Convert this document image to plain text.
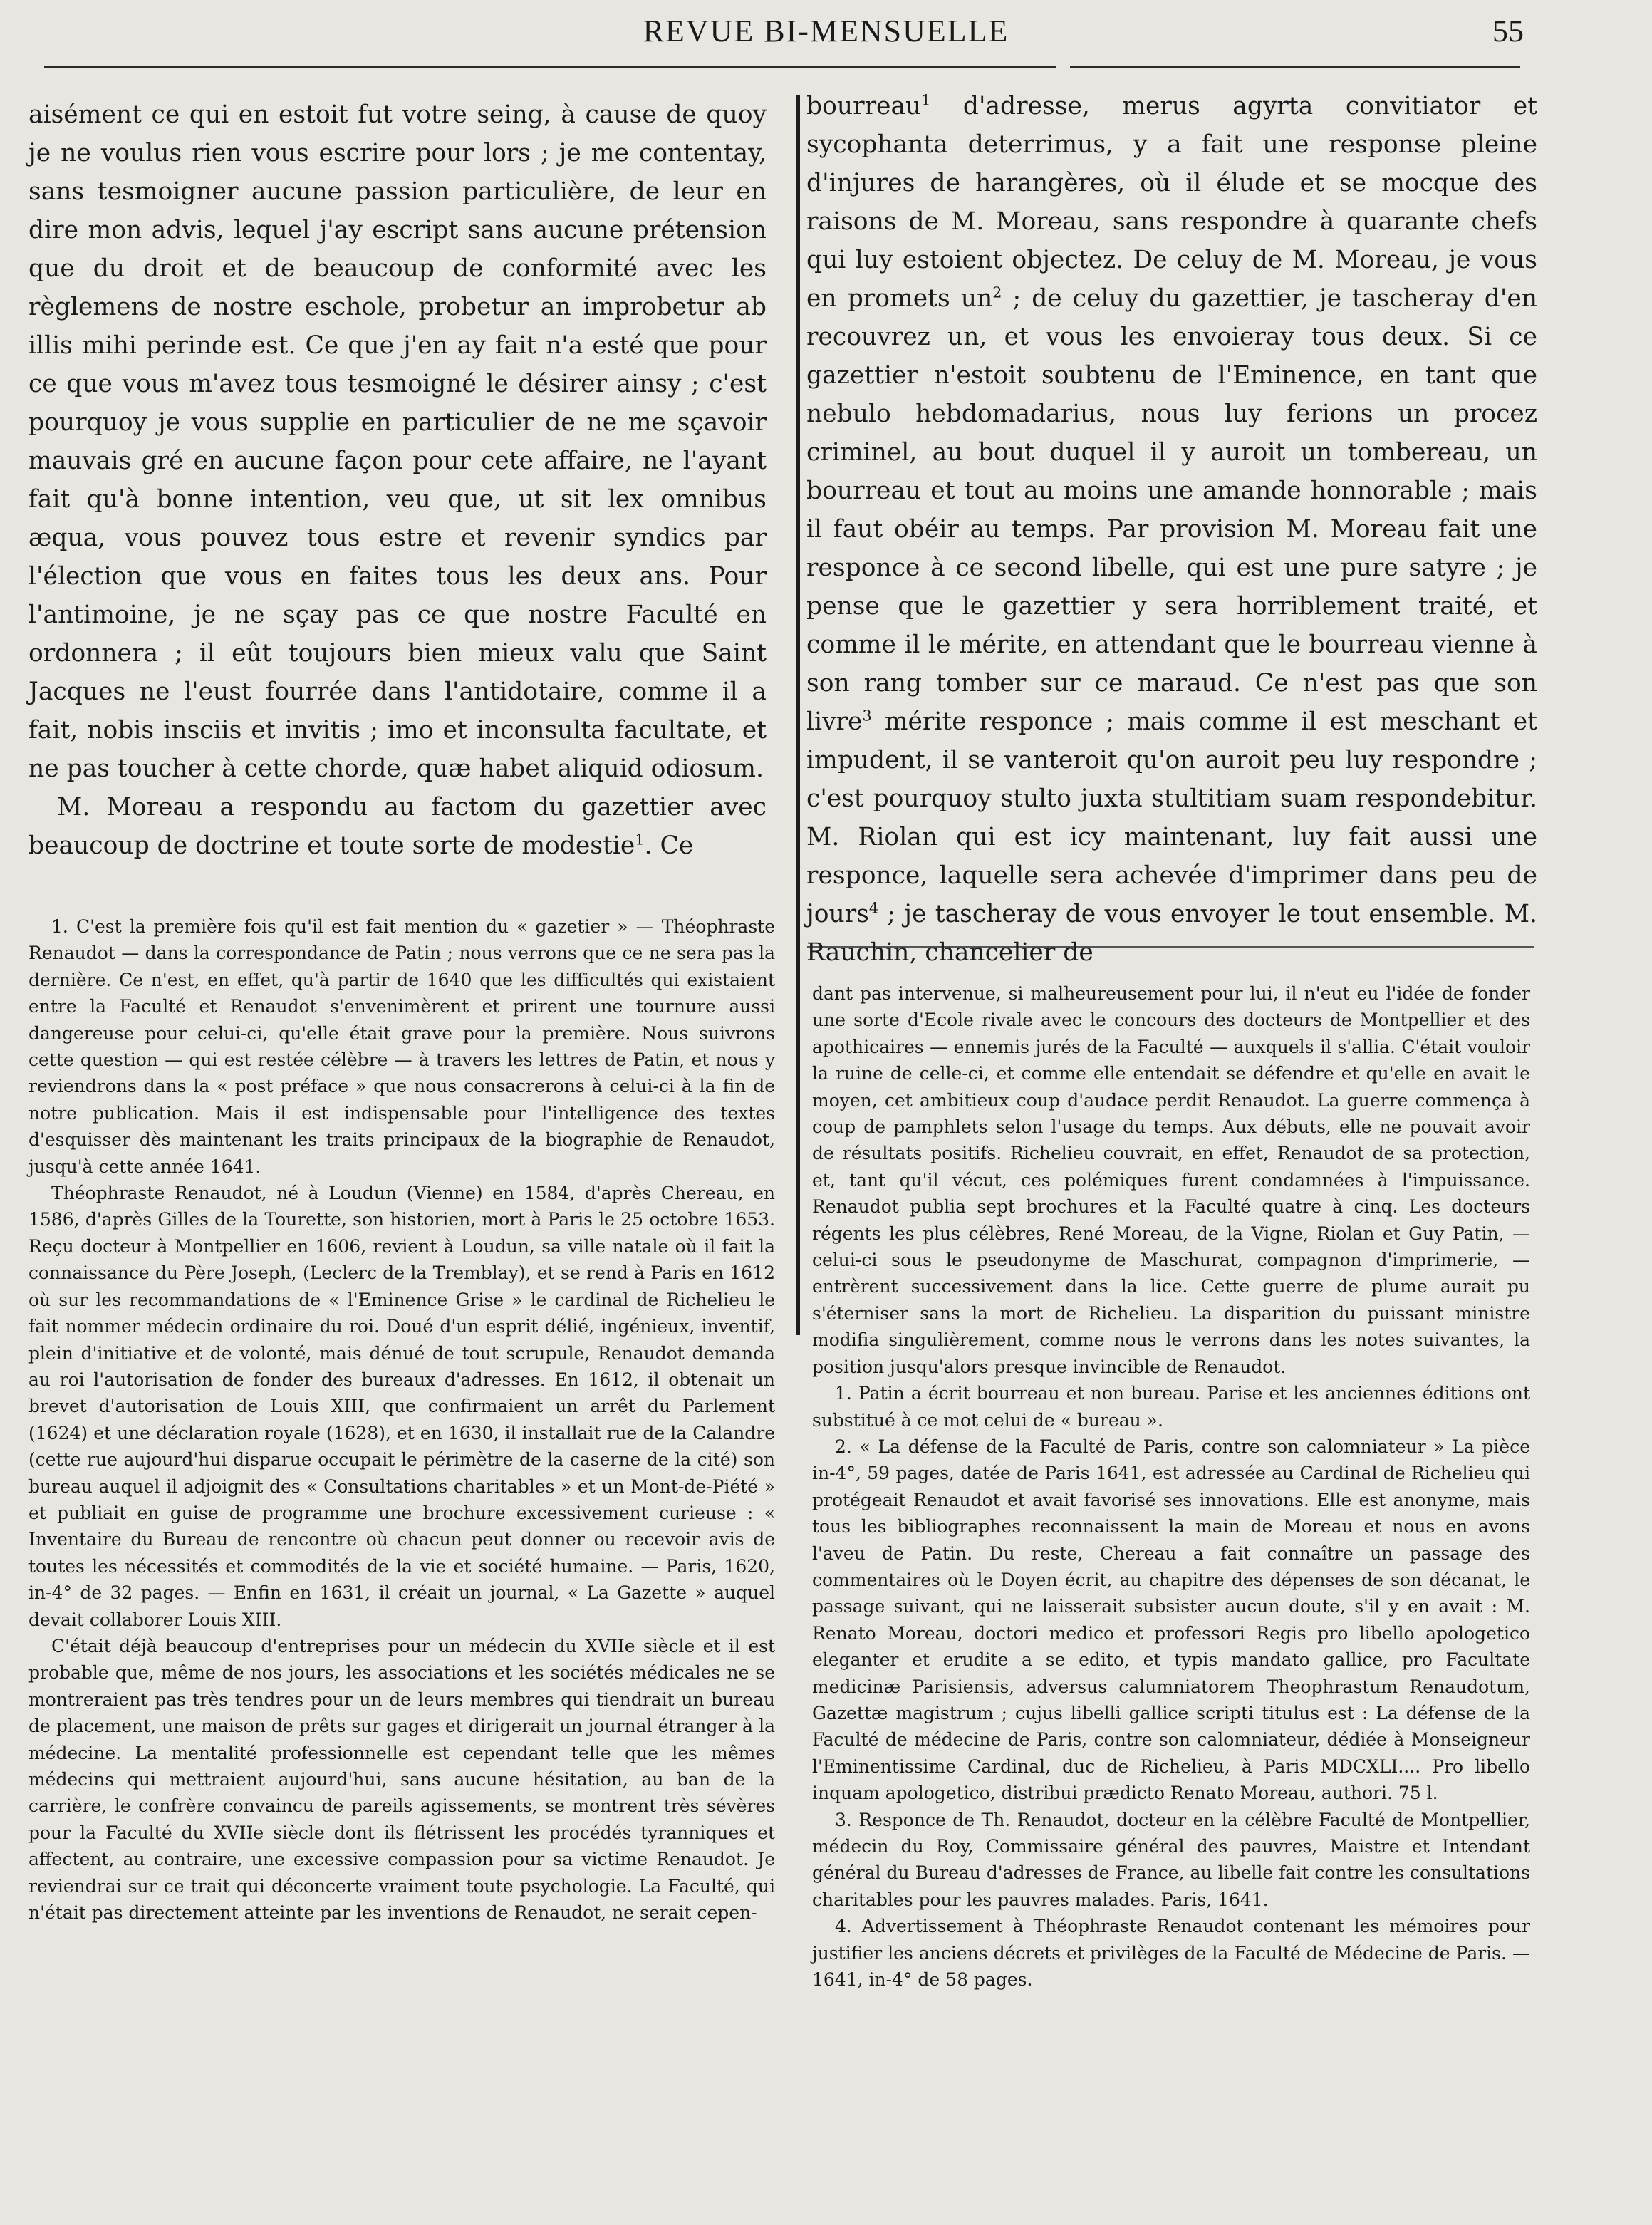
REVUE BI-MENSUELLE	55

aisément ce qui en estoit fut votre seing, à cause de quoy je ne voulus rien vous escrire pour lors ; je me contentay, sans tesmoigner aucune passion particulière, de leur en dire mon advis, lequel j'ay escript sans aucune prétension que du droit et de beaucoup de conformité avec les règlemens de nostre eschole, probetur an improbetur ab illis mihi perinde est. Ce que j'en ay fait n'a esté que pour ce que vous m'avez tous tesmoigné le désirer ainsy ; c'est pourquoy je vous supplie en particulier de ne me sçavoir mauvais gré en aucune façon pour cete affaire, ne l'ayant fait qu'à bonne intention, veu que, ut sit lex omnibus æqua, vous pouvez tous estre et revenir syndics par l'élection que vous en faites tous les deux ans. Pour l'antimoine, je ne sçay pas ce que nostre Faculté en ordonnera ; il eût toujours bien mieux valu que Saint Jacques ne l'eust fourrée dans l'antidotaire, comme il a fait, nobis insciis et invitis ; imo et inconsulta facultate, et ne pas toucher à cette chorde, quæ habet aliquid odiosum.

M. Moreau a respondu au factom du gazettier avec beaucoup de doctrine et toute sorte de modestie$^1$. Ce

bourreau$^1$ d'adresse, merus agyrta convitiator et sycophanta deterrimus, y a fait une response pleine d'injures de harangères, où il élude et se mocque des raisons de M. Moreau, sans respondre à quarante chefs qui luy estoient objectez. De celuy de M. Moreau, je vous en promets $un^2$ ; de celuy du gazettier, je tascheray d'en recouvrez un, et vous les envoieray tous deux. Si ce gazettier n'estoit soubtenu de l'Eminence, en tant que nebulo hebdomadarius, nous luy ferions un procez criminel, au bout duquel il y auroit un tombereau, un bourreau et tout au moins une amande honnorable ; mais il faut obéir au temps. Par provision M. Moreau fait une responce à ce second libelle, qui est une pure satyre ; je pense que le gazettier y sera horriblement traité, et comme il le mérite, en attendant que le bourreau vienne à son rang tomber sur ce maraud. Ce n'est pas que son livre$^3$ mérite responce ; mais comme il est meschant et impudent, il se vanteroit qu'on auroit peu luy respondre ; c'est pourquoy stulto juxta stultitiam suam respondebitur. M. Riolan qui est icy maintenant, luy fait aussi une responce, laquelle sera achevée d'imprimer dans peu de jours$^4$ ; je tascheray de vous envoyer le tout ensemble. M. Rauchin, chancelier de

1. C'est la première fois qu'il est fait mention du « gazetier » — Théophraste Renaudot — dans la correspondance de Patin ; nous verrons que ce ne sera pas la dernière. Ce n'est, en effet, qu'à partir de 1640 que les difficultés qui existaient entre la Faculté et Renaudot s'envenimèrent et prirent une tournure aussi dangereuse pour celui-ci, qu'elle était grave pour la première. Nous suivrons cette question — qui est restée célèbre — à travers les lettres de Patin, et nous y reviendrons dans la « post préface » que nous consacrerons à celui-ci à la fin de notre publication. Mais il est indispensable pour l'intelligence des textes d'esquisser dès maintenant les traits principaux de la biographie de Renaudot, jusqu'à cette année 1641.

Théophraste Renaudot, né à Loudun (Vienne) en 1584, d'après Chereau, en 1586, d'après Gilles de la Tourette, son historien, mort à Paris le 25 octobre 1653. Reçu docteur à Montpellier en 1606, revient à Loudun, sa ville natale où il fait la connaissance du Père Joseph, (Leclerc de la Tremblay), et se rend à Paris en 1612 où sur les recommandations de « l'Eminence Grise » le cardinal de Richelieu le fait nommer médecin ordinaire du roi. Doué d'un esprit délié, ingénieux, inventif, plein d'initiative et de volonté, mais dénué de tout scrupule, Renaudot demanda au roi l'autorisation de fonder des bureaux d'adresses. En 1612, il obtenait un brevet d'autorisation de Louis XIII, que confirmaient un arrêt du Parlement (1624) et une déclaration royale (1628), et en 1630, il installait rue de la Calandre (cette rue aujourd'hui disparue occupait le périmètre de la caserne de la cité) son bureau auquel il adjoignit des « Consultations charitables » et un Mont-de-Piété » et publiait en guise de programme une brochure excessivement curieuse : « Inventaire du Bureau de rencontre où chacun peut donner ou recevoir avis de toutes les nécessités et commodités de la vie et société humaine. — Paris, 1620, in-4° de 32 pages. — Enfin en 1631, il créait un journal, « La Gazette » auquel devait collaborer Louis XIII.

C'était déjà beaucoup d'entreprises pour un médecin du XVIIe siècle et il est probable que, même de nos jours, les associations et les sociétés médicales ne se montreraient pas très tendres pour un de leurs membres qui tiendrait un bureau de placement, une maison de prêts sur gages et dirigerait un journal étranger à la médecine. La mentalité professionnelle est cependant telle que les mêmes médecins qui mettraient aujourd'hui, sans aucune hésitation, au ban de la carrière, le confrère convaincu de pareils agissements, se montrent très sévères pour la Faculté du XVIIe siècle dont ils flétrissent les procédés tyranniques et affectent, au contraire, une excessive compassion pour sa victime Renaudot. Je reviendrai sur ce trait qui déconcerte vraiment toute psychologie. La Faculté, qui n'était pas directement atteinte par les inventions de Renaudot, ne serait cepen-

dant pas intervenue, si malheureusement pour lui, il n'eut eu l'idée de fonder une sorte d'Ecole rivale avec le concours des docteurs de Montpellier et des apothicaires — ennemis jurés de la Faculté — auxquels il s'allia. C'était vouloir la ruine de celle-ci, et comme elle entendait se défendre et qu'elle en avait le moyen, cet ambitieux coup d'audace perdit Renaudot. La guerre commença à coup de pamphlets selon l'usage du temps. Aux débuts, elle ne pouvait avoir de résultats positifs. Richelieu couvrait, en effet, Renaudot de sa protection, et, tant qu'il vécut, ces polémiques furent condamnées à l'impuissance. Renaudot publia sept brochures et la Faculté quatre à cinq. Les docteurs régents les plus célèbres, René Moreau, de la Vigne, Riolan et Guy Patin, — celui-ci sous le pseudonyme de Maschurat, compagnon d'imprimerie, — entrèrent successivement dans la lice. Cette guerre de plume aurait pu s'éterniser sans la mort de Richelieu. La disparition du puissant ministre modifia singulièrement, comme nous le verrons dans les notes suivantes, la position jusqu'alors presque invincible de Renaudot.

1. Patin a écrit bourreau et non bureau. Parise et les anciennes éditions ont substitué à ce mot celui de « bureau ».

2. « La défense de la Faculté de Paris, contre son calomniateur » La pièce in-4°, 59 pages, datée de Paris 1641, est adressée au Cardinal de Richelieu qui protégeait Renaudot et avait favorisé ses innovations. Elle est anonyme, mais tous les bibliographes reconnaissent la main de Moreau et nous en avons l'aveu de Patin. Du reste, Chereau a fait connaître un passage des commentaires où le Doyen écrit, au chapitre des dépenses de son décanat, le passage suivant, qui ne laisserait subsister aucun doute, s'il y en avait : M. Renato Moreau, doctori medico et professori Regis pro libello apologetico eleganter et erudite a se edito, et typis mandato gallice, pro Facultate medicinæ Parisiensis, adversus calumniatorem Theophrastum Renaudotum, Gazettæ magistrum ; cujus libelli gallice scripti titulus est : La défense de la Faculté de médecine de Paris, contre son calomniateur, dédiée à Monseigneur l'Eminentissime Cardinal, duc de Richelieu, à Paris MDCXLI.... Pro libello inquam apologetico, distribui prædicto Renato Moreau, authori. 75 l.

3. Responce de Th. Renaudot, docteur en la célèbre Faculté de Montpellier, médecin du Roy, Commissaire général des pauvres, Maistre et Intendant général du Bureau d'adresses de France, au libelle fait contre les consultations charitables pour les pauvres malades. Paris, 1641.

4. Advertissement à Théophraste Renaudot contenant les mémoires pour justifier les anciens décrets et privilèges de la Faculté de Médecine de Paris. — 1641, in-4° de 58 pages.
